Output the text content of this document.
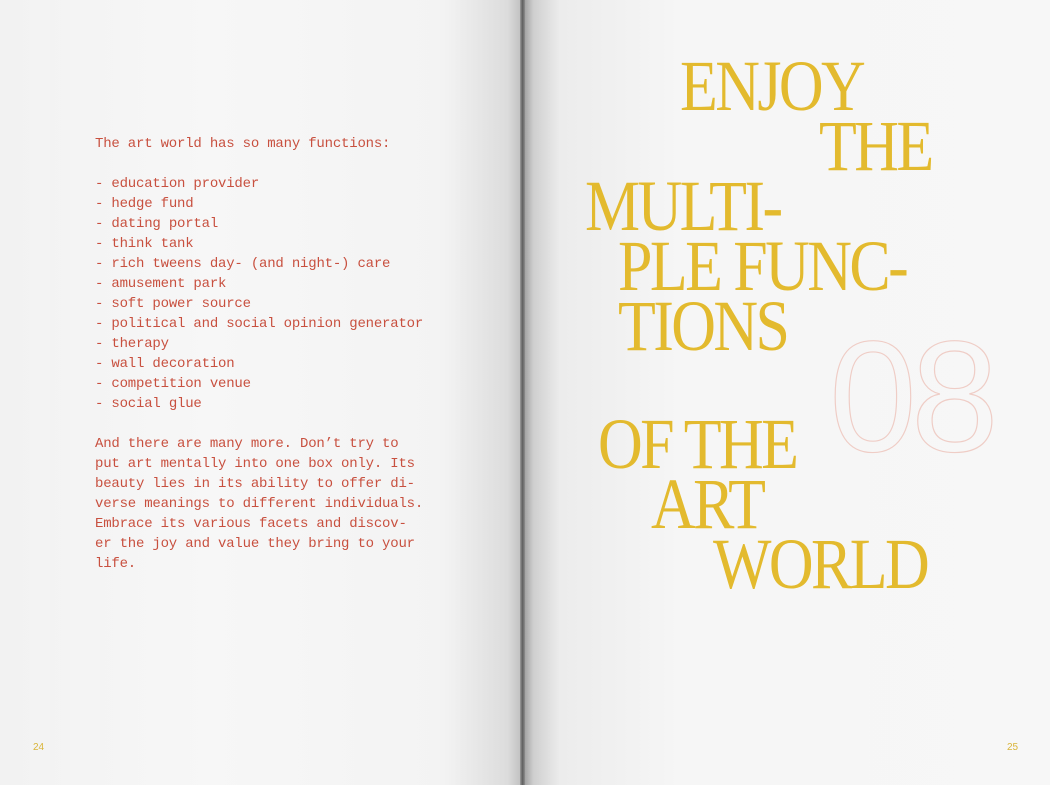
The art world has so many functions:

- education provider
- hedge fund
- dating portal
- think tank
- rich tweens day- (and night-) care
- amusement park
- soft power source
- political and social opinion generator
- therapy
- wall decoration
- competition venue
- social glue

And there are many more. Don’t try to
put art mentally into one box only. Its
beauty lies in its ability to offer di-
verse meanings to different individuals.
Embrace its various facets and discov-
er the joy and value they bring to your
life.

24
08
ENJOY
THE
MULTI-
PLE FUNC-
TIONS
OF THE
ART
WORLD
25
